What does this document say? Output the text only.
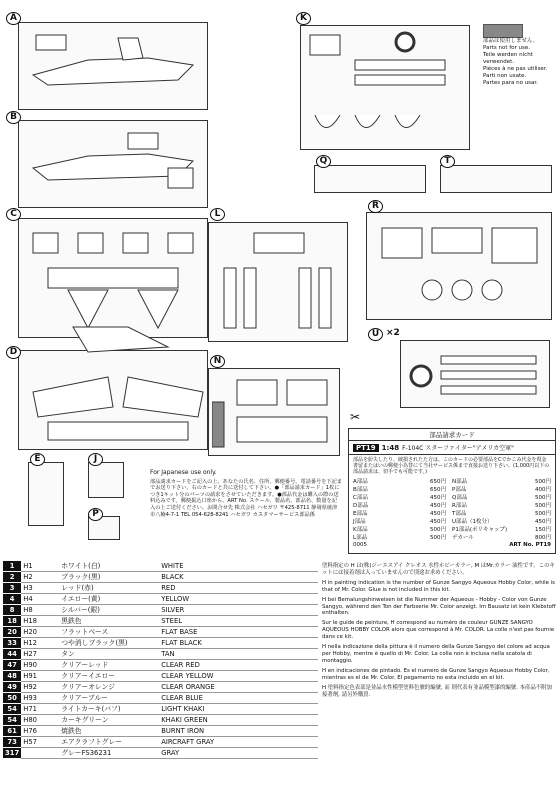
A
B
C
D
E	J
P
K
部品は使用しません。
Parts not for use.
Teile werden nicht verwendet.
Pièces à ne pas utiliser.
Parti non usate.
Partes para no usar.
Q	T
L
R
U ×2
N
For Japanese use only.
部品請求カードをご記入の上、あなたの氏名、住所、郵便番号、電話番号を下記までお送り下さい。右のカードと共に送付して下さい。●「部品請求カード」1枚につき1キット分のパーツの請求をさせていただきます。●部品代金は購入の際の送料込みです。郵便振込口座から、ART No. スケール、製品名、部品名、数量を記入の上ご送付ください。お問合せ先 株式会社 ハセガワ 〒425-8711 静岡県焼津市八楠4-7-1 TEL 054-628-8241 ハセガワ カスタマーサービス部品係
✂
部品請求カード
PT19 1:48 F-104C スターファイター"アメリカ空軍"
部品を紛失したり、破損されたた方は、このカードの必要部品をCでかこみ代金を現金書留またはいの郵便小為替にて当社サービス係まで直接お送り下さい。(1,000円以下の部品請求は、切手でも可能です。)
A部品	650円
B部品	650円
C部品	450円
D部品	450円
E部品	450円
J部品	450円
K部品	500円
L部品	500円
N部品	500円
P部品	400円
Q部品	500円
R部品	500円
T部品	500円
U部品（1枚分）	450円
P1部品(ポリキャップ)	150円
デカール	800円
0005	ART No. PT19
1	H1	ホワイト(白)	WHITE
2	H2	ブラック(黒)	BLACK
3	H3	レッド(赤)	RED
4	H4	イエロー(黄)	YELLOW
8	H8	シルバー(銀)	SILVER
18	H18	黒鉄色	STEEL
20	H20	フラットベース	FLAT BASE
33	H12	つや消しブラック(黒)	FLAT BLACK
44	H27	タン	TAN
47	H90	クリアーレッド	CLEAR RED
48	H91	クリアーイエロー	CLEAR YELLOW
49	H92	クリアーオレンジ	CLEAR ORANGE
50	H93	クリアーブルー	CLEAR BLUE
54	H71	ライトカーキ(バフ)	LIGHT KHAKI
54	H80	カーキグリーン	KHAKI GREEN
61	H76	焼鉄色	BURNT IRON
73	H57	エアクラフトグレー	AIRCRAFT GRAY
317		グレーFS36231	GRAY

塗料指定の H は(株)ジーエスアイ クレオス 水性ホビーカラー, M はMr.カラー 油性です。このキットには接着剤は入っていませんので別途お求めください。

H in painting indication is the number of Gunze Sangyo Aqueous Hobby Color, while is that of Mr. Color. Glue is not included in this kit.

H bei Bemalungshinweisen ist die Nummer der Aqueous - Hobby - Color von Gunze Sangyo, während den Ton der Farbserie Mr. Color anzeigt. Im Bausatz ist kein Klebstoff enthalten.

Sur le guide de peinture, H correspond au numéro de couleur GUNZE SANGYO AQUEOUS HOBBY COLOR alors que correspond à Mr. COLOR. La colle n'est pas fournie dans ce kit.

H nella indicazione della pittura è il numero della Gunze Sangyo del colore ad acqua per Hobby, mentre è quello di Mr. Color. La colla non è inclusa nella scatola di montaggio.

H en indicaciones de pintado. Es el numero de Gunze Sangyo Aqueous Hobby Color, mientras es el de Mr. Color. El pegamento no esta incluido en el kit.

H 塗料指定色表部是並品水性模型塗料色號的編號, 而 則代表有並品模型漆的編號. 本產品不附加接著劑, 請另外購買.
